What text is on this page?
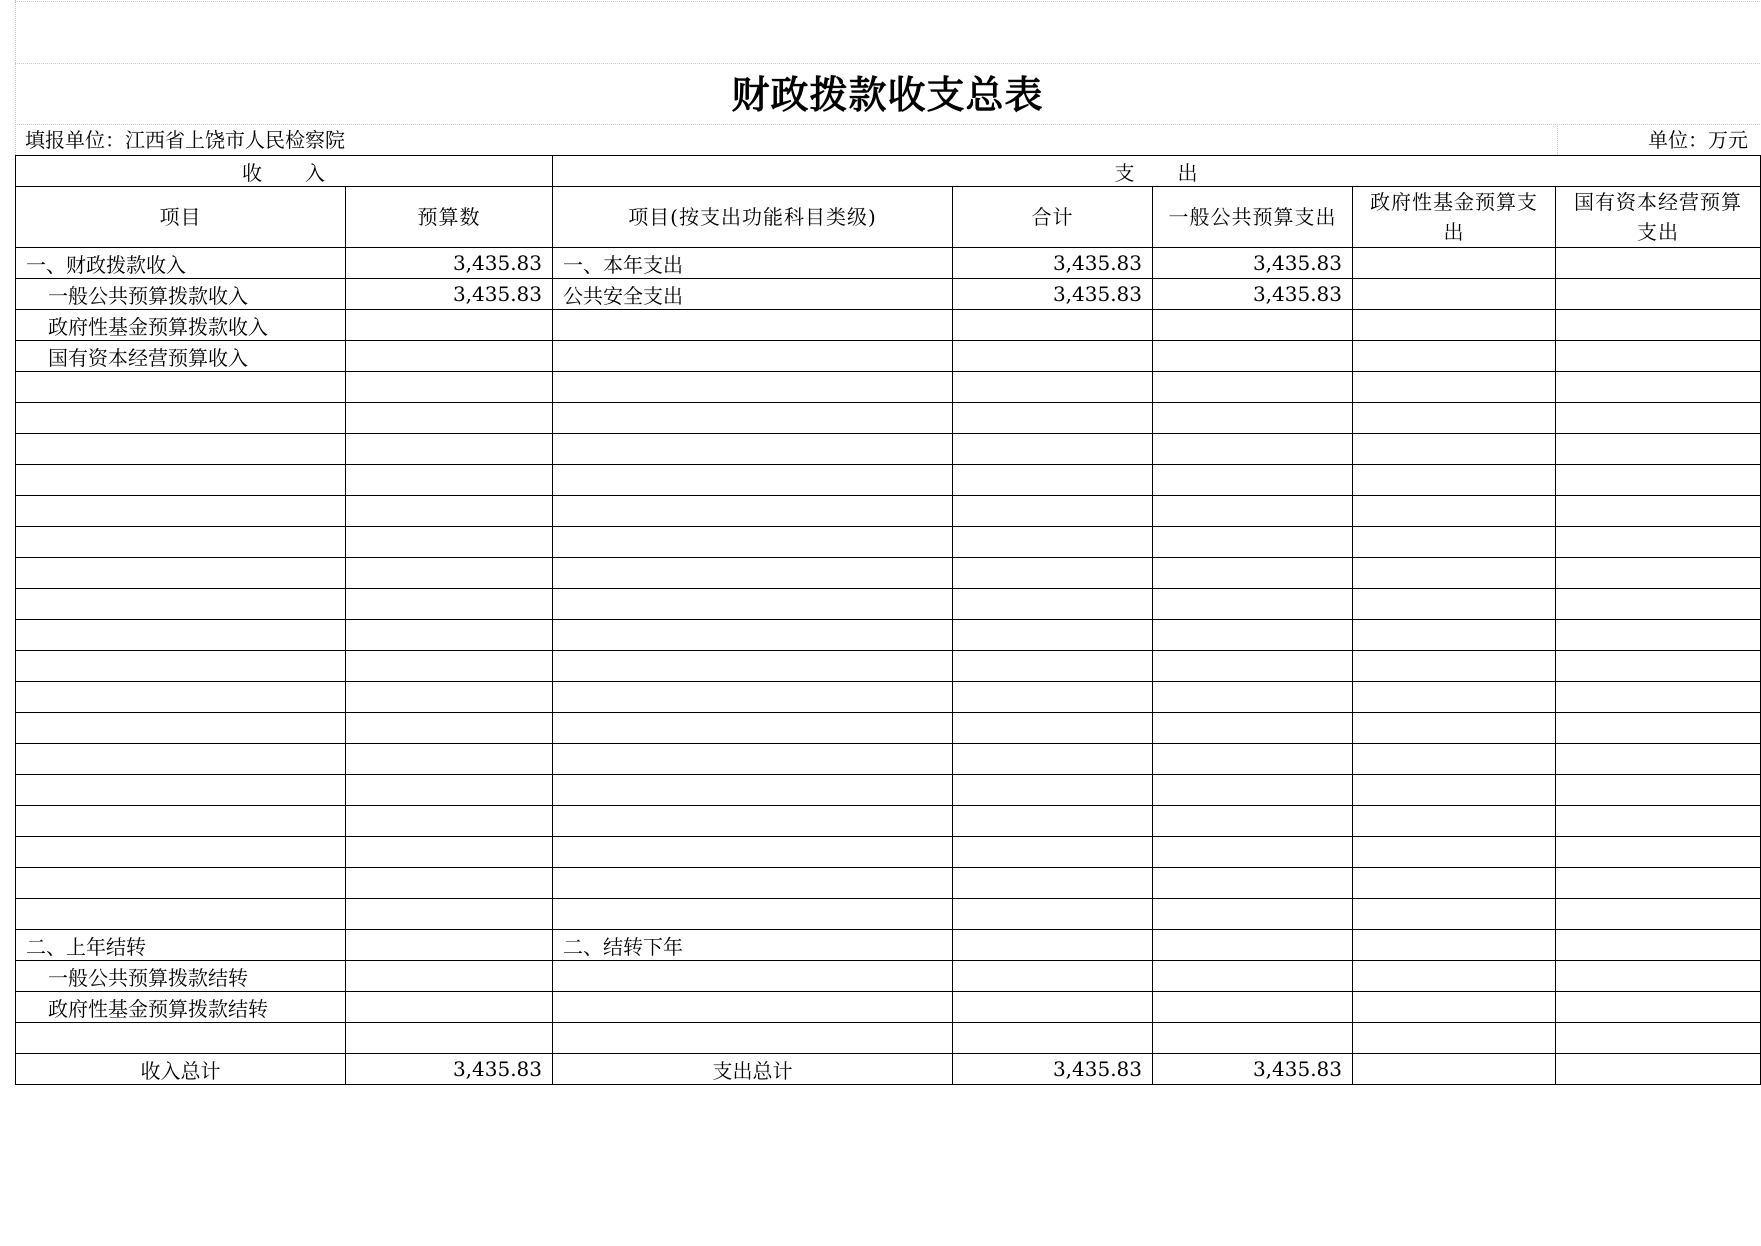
财政拨款收支总表
填报单位：江西省上饶市人民检察院	单位：万元
收　　入		支　　出				
项目	预算数	项目(按支出功能科目类级)	合计	一般公共预算支出	政府性基金预算支出	国有资本经营预算支出
一、财政拨款收入	3,435.83	一、本年支出	3,435.83	3,435.83		
一般公共预算拨款收入	3,435.83	公共安全支出	3,435.83	3,435.83		
政府性基金预算拨款收入						
国有资本经营预算收入						

二、上年结转		二、结转下年				
一般公共预算拨款结转						
政府性基金预算拨款结转						

收入总计	3,435.83	支出总计	3,435.83	3,435.83		
